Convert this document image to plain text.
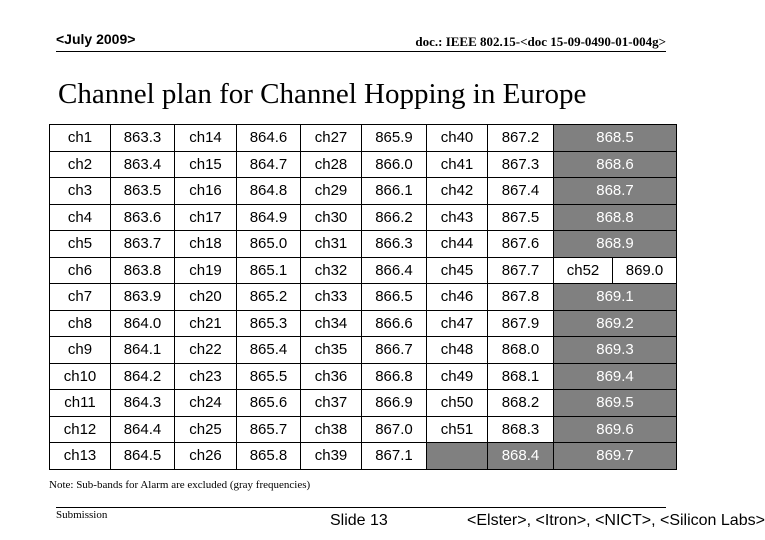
<July 2009>	doc.: IEEE 802.15-<doc 15-09-0490-01-004g>
Channel plan for Channel Hopping in Europe
ch1	863.3	ch14	864.6	ch27	865.9	ch40	867.2	868.5	
ch2	863.4	ch15	864.7	ch28	866.0	ch41	867.3	868.6	
ch3	863.5	ch16	864.8	ch29	866.1	ch42	867.4	868.7	
ch4	863.6	ch17	864.9	ch30	866.2	ch43	867.5	868.8	
ch5	863.7	ch18	865.0	ch31	866.3	ch44	867.6	868.9	
ch6	863.8	ch19	865.1	ch32	866.4	ch45	867.7	ch52	869.0
ch7	863.9	ch20	865.2	ch33	866.5	ch46	867.8	869.1	
ch8	864.0	ch21	865.3	ch34	866.6	ch47	867.9	869.2	
ch9	864.1	ch22	865.4	ch35	866.7	ch48	868.0	869.3	
ch10	864.2	ch23	865.5	ch36	866.8	ch49	868.1	869.4	
ch11	864.3	ch24	865.6	ch37	866.9	ch50	868.2	869.5	
ch12	864.4	ch25	865.7	ch38	867.0	ch51	868.3	869.6	
ch13	864.5	ch26	865.8	ch39	867.1		868.4	869.7	
Note: Sub-bands for Alarm are excluded (gray frequencies)
Submission	Slide 13	<Elster>, <Itron>, <NICT>, <Silicon Labs>
